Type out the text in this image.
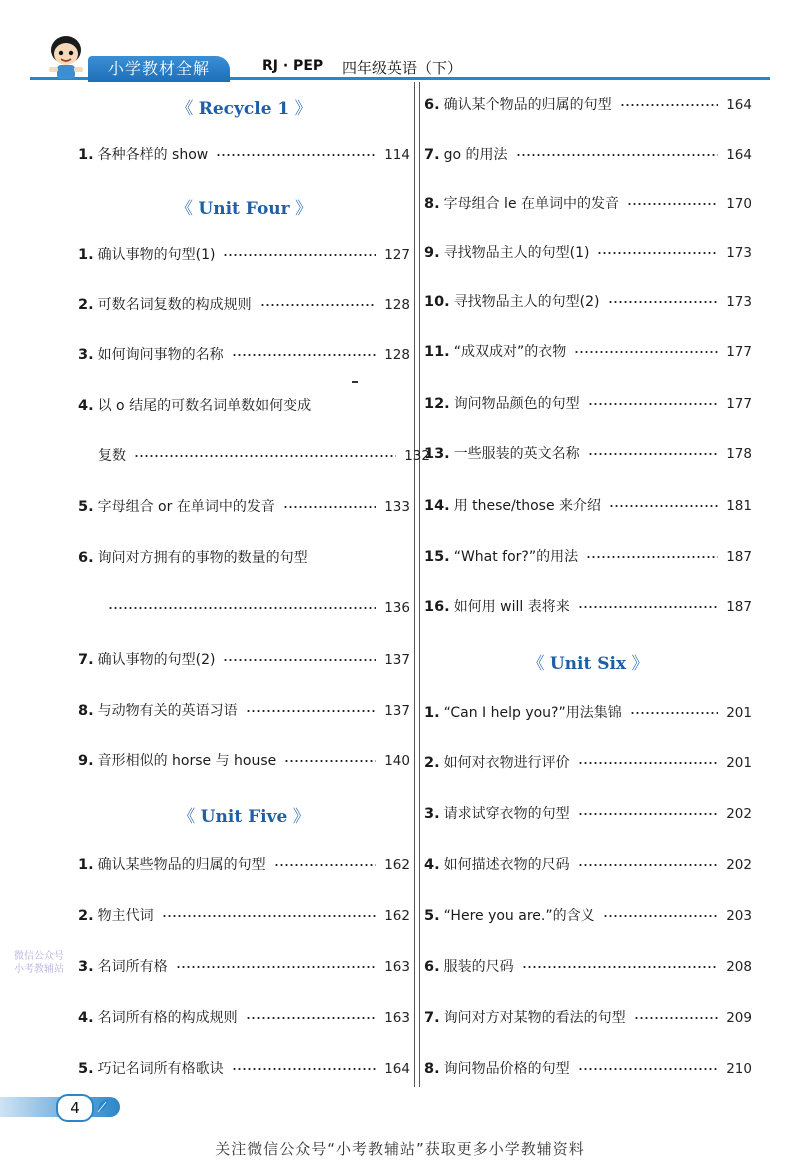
小学教材全解	RJ · PEP 四年级英语（下）
《 Recycle 1 》
1. 各种各样的 show	114
《 Unit Four 》
1. 确认事物的句型(1)	127
2. 可数名词复数的构成规则	128
3. 如何询问事物的名称	128
4. 以 o 结尾的可数名词单数如何变成
复数	132
5. 字母组合 or 在单词中的发音	133
6. 询问对方拥有的事物的数量的句型
136
7. 确认事物的句型(2)	137
8. 与动物有关的英语习语	137
9. 音形相似的 horse 与 house	140
《 Unit Five 》
1. 确认某些物品的归属的句型	162
2. 物主代词	162
3. 名词所有格	163
4. 名词所有格的构成规则	163
5. 巧记名词所有格歌诀	164
6. 确认某个物品的归属的句型	164
7. go 的用法	164
8. 字母组合 le 在单词中的发音	170
9. 寻找物品主人的句型(1)	173
10. 寻找物品主人的句型(2)	173
11. “成双成对”的衣物	177
12. 询问物品颜色的句型	177
13. 一些服装的英文名称	178
14. 用 these/those 来介绍	181
15. “What for?”的用法	187
16. 如何用 will 表将来	187
《 Unit Six 》
1. “Can I help you?”用法集锦	201
2. 如何对衣物进行评价	201
3. 请求试穿衣物的句型	202
4. 如何描述衣物的尺码	202
5. “Here you are.”的含义	203
6. 服装的尺码	208
7. 询问对方对某物的看法的句型	209
8. 询问物品价格的句型	210
微信公众号
小考教辅站
4
关注微信公众号“小考教辅站”获取更多小学教辅资料
